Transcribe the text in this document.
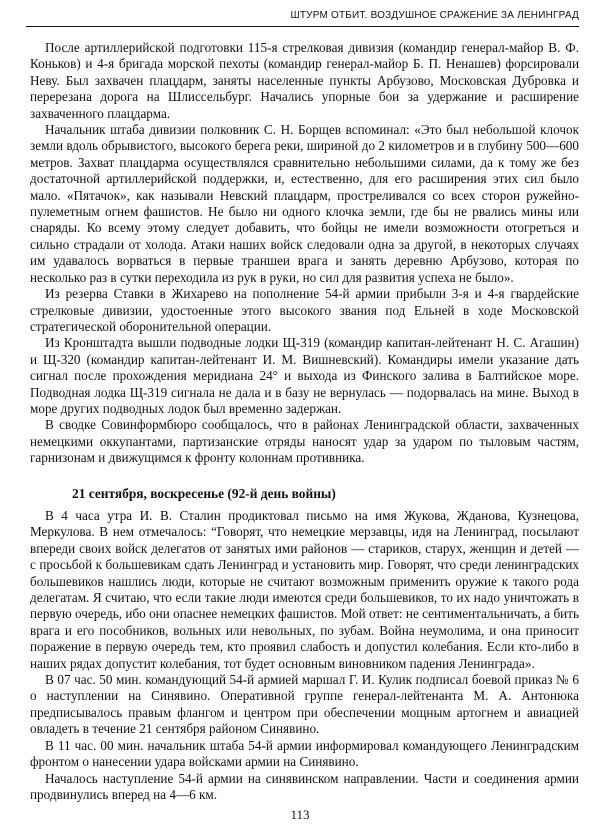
ШТУРМ ОТБИТ. ВОЗДУШНОЕ СРАЖЕНИЕ ЗА ЛЕНИНГРАД

После артиллерийской подготовки 115-я стрелковая дивизия (командир генерал-майор В. Ф. Коньков) и 4-я бригада морской пехоты (командир генерал-майор Б. П. Ненашев) форсировали Неву. Был захвачен плацдарм, заняты населенные пункты Арбузово, Московская Дубровка и перерезана дорога на Шлиссельбург. Начались упорные бои за удержание и расширение захваченного плацдарма.

Начальник штаба дивизии полковник С. Н. Борщев вспоминал: «Это был небольшой клочок земли вдоль обрывистого, высокого берега реки, шириной до 2 километров и в глубину 500—600 метров. Захват плацдарма осуществлялся сравнительно небольшими силами, да к тому же без достаточной артиллерийской поддержки, и, естественно, для его расширения этих сил было мало. «Пятачок», как называли Невский плацдарм, простреливался со всех сторон ружейно-пулеметным огнем фашистов. Не было ни одного клочка земли, где бы не рвались мины или снаряды. Ко всему этому следует добавить, что бойцы не имели возможности отогреться и сильно страдали от холода. Атаки наших войск следовали одна за другой, в некоторых случаях им удавалось ворваться в первые траншеи врага и занять деревню Арбузово, которая по несколько раз в сутки переходила из рук в руки, но сил для развития успеха не было».

Из резерва Ставки в Жихарево на пополнение 54-й армии прибыли 3-я и 4-я гвардейские стрелковые дивизии, удостоенные этого высокого звания под Ельней в ходе Московской стратегической оборонительной операции.

Из Кронштадта вышли подводные лодки Щ-319 (командир капитан-лейтенант Н. С. Агашин) и Щ-320 (командир капитан-лейтенант И. М. Вишневский). Командиры имели указание дать сигнал после прохождения меридиана 24° и выхода из Финского залива в Балтийское море. Подводная лодка Щ-319 сигнала не дала и в базу не вернулась — подорвалась на мине. Выход в море других подводных лодок был временно задержан.

В сводке Совинформбюро сообщалось, что в районах Ленинградской области, захваченных немецкими оккупантами, партизанские отряды наносят удар за ударом по тыловым частям, гарнизонам и движущимся к фронту колоннам противника.

21 сентября, воскресенье (92-й день войны)

В 4 часа утра И. В. Сталин продиктовал письмо на имя Жукова, Жданова, Кузнецова, Меркулова. В нем отмечалось: “Говорят, что немецкие мерзавцы, идя на Ленинград, посылают впереди своих войск делегатов от занятых ими районов — стариков, старух, женщин и детей — с просьбой к большевикам сдать Ленинград и установить мир. Говорят, что среди ленинградских большевиков нашлись люди, которые не считают возможным применить оружие к такого рода делегатам. Я считаю, что если такие люди имеются среди большевиков, то их надо уничтожать в первую очередь, ибо они опаснее немецких фашистов. Мой ответ: не сентиментальничать, а бить врага и его пособников, вольных или невольных, по зубам. Война неумолима, и она приносит поражение в первую очередь тем, кто проявил слабость и допустил колебания. Если кто-либо в наших рядах допустит колебания, тот будет основным виновником падения Ленинграда».

В 07 час. 50 мин. командующий 54-й армией маршал Г. И. Кулик подписал боевой приказ № 6 о наступлении на Синявино. Оперативной группе генерал-лейтенанта М. А. Антонюка предписывалось правым флангом и центром при обеспечении мощным артогнем и авиацией овладеть в течение 21 сентября районом Синявино.

В 11 час. 00 мин. начальник штаба 54-й армии информировал командующего Ленинградским фронтом о нанесении удара войсками армии на Синявино.

Началось наступление 54-й армии на синявинском направлении. Части и соединения армии продвинулись вперед на 4—6 км.

113
